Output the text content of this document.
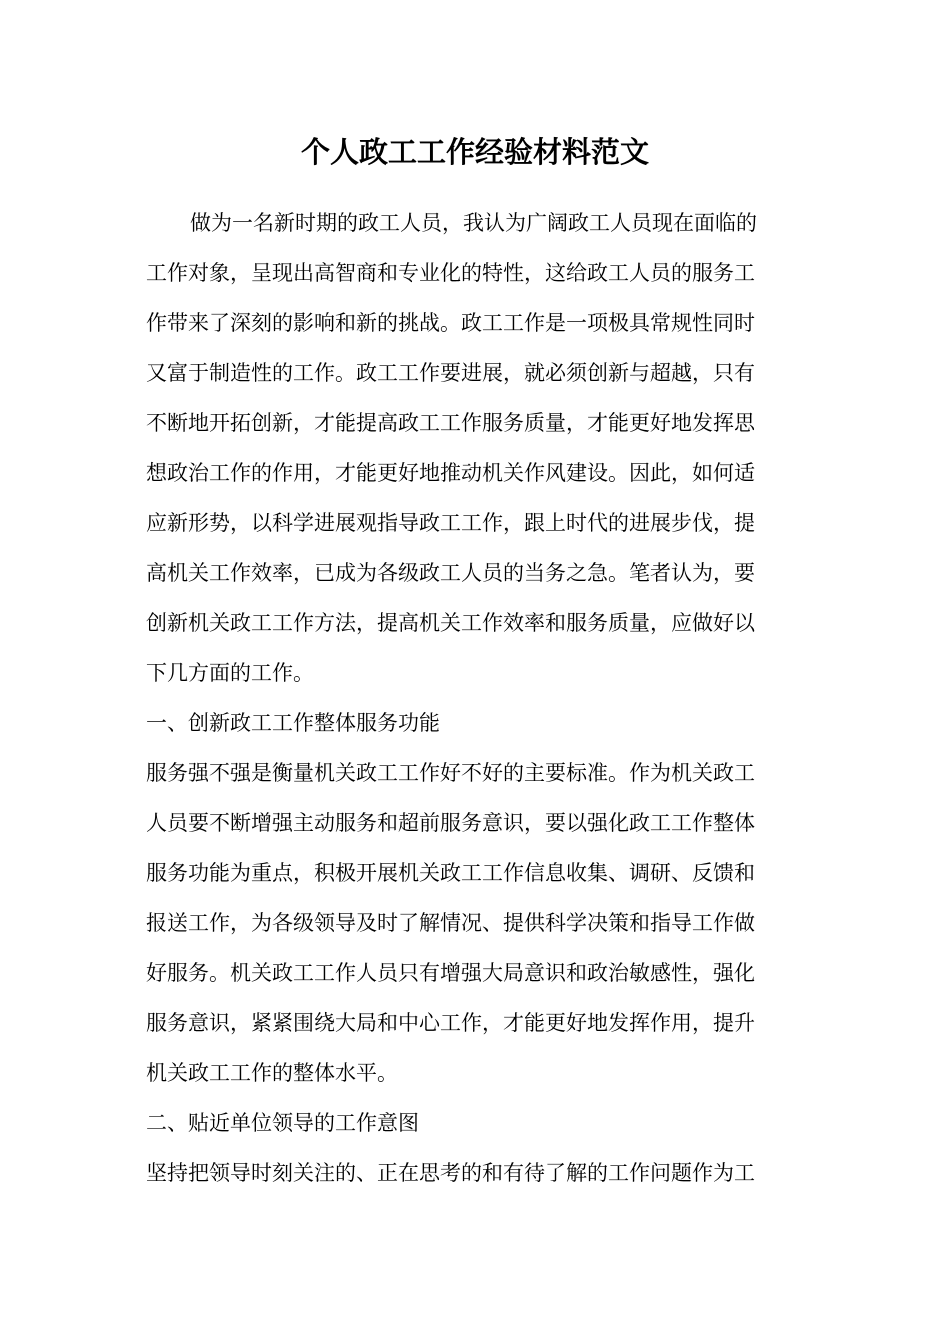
个人政工工作经验材料范文
做为一名新时期的政工人员，我认为广阔政工人员现在面临的
工作对象，呈现出高智商和专业化的特性，这给政工人员的服务工
作带来了深刻的影响和新的挑战。政工工作是一项极具常规性同时
又富于制造性的工作。政工工作要进展，就必须创新与超越，只有
不断地开拓创新，才能提高政工工作服务质量，才能更好地发挥思
想政治工作的作用，才能更好地推动机关作风建设。因此，如何适
应新形势，以科学进展观指导政工工作，跟上时代的进展步伐，提
高机关工作效率，已成为各级政工人员的当务之急。笔者认为，要
创新机关政工工作方法，提高机关工作效率和服务质量，应做好以
下几方面的工作。
一、创新政工工作整体服务功能
服务强不强是衡量机关政工工作好不好的主要标准。作为机关政工
人员要不断增强主动服务和超前服务意识，要以强化政工工作整体
服务功能为重点，积极开展机关政工工作信息收集、调研、反馈和
报送工作，为各级领导及时了解情况、提供科学决策和指导工作做
好服务。机关政工工作人员只有增强大局意识和政治敏感性，强化
服务意识，紧紧围绕大局和中心工作，才能更好地发挥作用，提升
机关政工工作的整体水平。
二、贴近单位领导的工作意图
坚持把领导时刻关注的、正在思考的和有待了解的工作问题作为工
